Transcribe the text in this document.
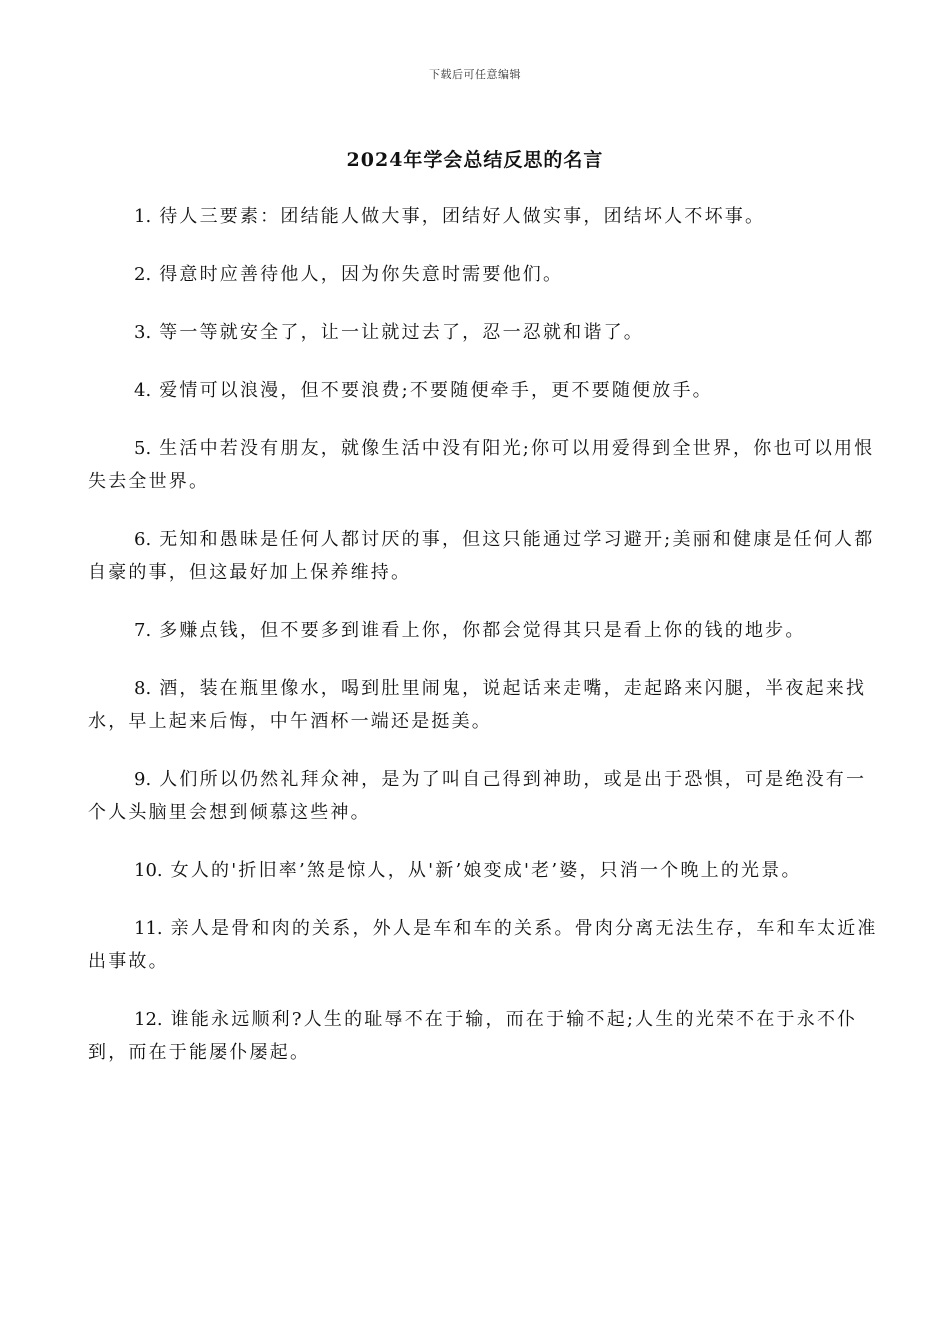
下载后可任意编辑
2024年学会总结反思的名言
1. 待人三要素：团结能人做大事，团结好人做实事，团结坏人不坏事。
2. 得意时应善待他人，因为你失意时需要他们。
3. 等一等就安全了，让一让就过去了，忍一忍就和谐了。
4. 爱情可以浪漫，但不要浪费;不要随便牵手，更不要随便放手。
5. 生活中若没有朋友，就像生活中没有阳光;你可以用爱得到全世界，你也可以用恨失去全世界。
6. 无知和愚昧是任何人都讨厌的事，但这只能通过学习避开;美丽和健康是任何人都自豪的事，但这最好加上保养维持。
7. 多赚点钱，但不要多到谁看上你，你都会觉得其只是看上你的钱的地步。
8. 酒，装在瓶里像水，喝到肚里闹鬼，说起话来走嘴，走起路来闪腿，半夜起来找水，早上起来后悔，中午酒杯一端还是挺美。
9. 人们所以仍然礼拜众神，是为了叫自己得到神助，或是出于恐惧，可是绝没有一个人头脑里会想到倾慕这些神。
10. 女人的'折旧率’煞是惊人，从'新’娘变成'老’婆，只消一个晚上的光景。
11. 亲人是骨和肉的关系，外人是车和车的关系。骨肉分离无法生存，车和车太近准出事故。
12. 谁能永远顺利?人生的耻辱不在于输，而在于输不起;人生的光荣不在于永不仆到，而在于能屡仆屡起。
